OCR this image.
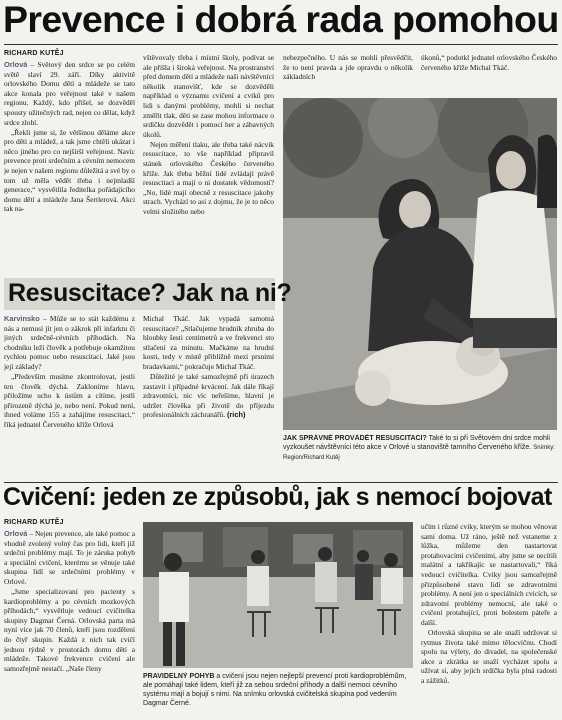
Prevence i dobrá rada pomohou
RICHARD KUTĚJ

Orlová – Světový den srdce se po celém světě slaví 29. září. Díky aktivitě orlovského Domu dětí a mládeže se tato akce konala pro veřejnost také v našem regionu. Každý, kdo přišel, se dozvěděl spousty užitečných rad, nejen co dělat, když srdce zlobí.

„Řekli jsme si, že většinou děláme akce pro děti a mládež, a tak jsme chtěli ukázat i něco jiného pro co nejširší veřejnost. Navíc prevence proti srdečním a cévním nemocem je nejen v našem regionu důležitá a své by o tom už měla vědět třeba i nejmladší generace,“ vysvětlila ředitelka pořádajícího domu dětí a mládeže Jana Šertlerová. Akci tak na-

vštěvovaly třeba i místní školy, podívat se ale přišla i široká veřejnost. Na prostranství před domem dětí a mládeže naši návštěvníci několik stanovišť, kde se dozvěděli například o významu cvičení a cviků pro lidi s danými problémy, mohli si nechat změřit tlak, děti se zase mohou informace o srdíčku dozvědět i pomocí her a zábavných úkolů.

Nejen měření tlaku, ale třeba také nácvik resuscitace, to vše například připravil stánek orlovského Českého červeného kříže. Jak třeba běžní lidé zvládají právě resuscitaci a mají o ni dostatek vědomostí? „No, lidé mají obecně z resuscitace jakoby strach. Vychází to asi z dojmu, že je to něco velmi složitého nebo

nebezpečného. U nás se mohli přesvědčit, že to není pravda a jde opravdu o několik základních

úkonů,“ podotkl jednatel orlovského Českého červeného kříže Michal Tkáč.

Resuscitace? Jak na ni?

Karvinsko – Může se to stát každému z nás a nemusí jít jen o zákrok při infarktu či jiných srdečně-cévních příhodách. Na chodníku leží člověk a potřebuje okamžitou rychlou pomoc nebo resuscitaci. Jaké jsou její základy?

„Především musíme zkontrolovat, jestli ten člověk dýchá. Zakloníme hlavu, přiložíme ucho k ústům a cítíme, jestli přirozeně dýchá je, nebo není. Pokud není, ihned voláme 155 a zahájíme resuscitaci,“ říká jednatel Červeného kříže Orlová

Michal Tkáč. Jak vypadá samotná resuscitace? „Stlačujeme hrudník zhruba do hloubky šesti centimetrů a ve frekvenci sto stlačení za minutu. Mačkáme na hrudní kosti, tedy v místě přibližně mezi prsními bradavkami,“ pokračuje Michal Tkáč.

Důležité je také samozřejmě při úrazech zastavit i případné krvácení. Jak dále říkají zdravotníci, nic víc neřešíme, hlavní je udržet člověka při životě do příjezdu profesionálních záchranářů. (rich)

JAK SPRÁVNĚ PROVÁDĚT RESUSCITACI? Také to si při Světovém dni srdce mohli vyzkoušet návštěvníci této akce v Orlové u stanoviště tamního Červeného kříže. Snímky: Region/Richard Kutěj
Cvičení: jeden ze způsobů, jak s nemocí bojovat
RICHARD KUTĚJ

Orlová – Nejen prevence, ale také pomoc a vhodně zvolený volný čas pro lidi, kteří již srdeční problémy mají. To je záruka pohyb a speciální cvičení, kterému se věnuje také skupina lidí se srdečními problémy v Orlové.

„Jsme specializovaní pro pacienty s kardioproblémy a po cévních mozkových příhodách,“ vysvětluje vedoucí cvičitelka skupiny Dagmar Černá. Orlovská parta má nyní více jak 70 členů, kteří jsou rozděleni do čtyř skupin. Každá z nich tak cvičí jednou týdně v prostorách domu dětí a mládeže. Takové frekvence cvičení ale samozřejmě nestačí. „Naše členy

PRAVIDELNÝ POHYB a cvičení jsou nejen nejlepší prevencí proti kardioproblémům, ale pomáhají také lidem, kteří již za sebou srdeční příhody a další nemoci cévního systému mají a bojují s nimi. Na snímku orlovská cvičitelská skupina pod vedením Dagmar Černé.

učím i různé cviky, kterým se mohou věnovat sami doma. Už ráno, ještě než vstaneme z lůžka, můžeme den nastartovat protahovacími cvičeními, aby jsme se necítili malátní a takříkajíc se nastartovali,“ říká vedoucí cvičitelka. Cviky jsou samozřejmě přizpůsobené stavu lidí se zdravotními problémy. A není jen o speciálních cvicích, se zdravotní problémy nemocní, ale také o cvičení protahující, proti bolestem páteře a další.

Orlovská skupina se ale snaží udržovat si rytmus života také mimo tělocvičnu. Chodí spolu na výlety, do divadel, na společenské akce a zkrátka se snaží vycházet spolu a užívat si, aby jejich srdíčka byla plná radosti a zážitků.
